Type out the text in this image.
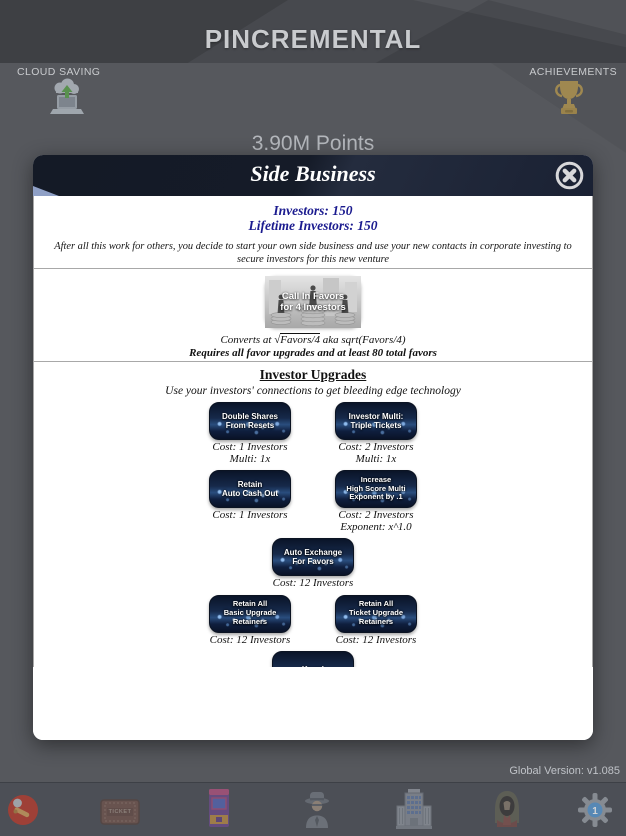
PINCREMENTAL
CLOUD SAVING	ACHIEVEMENTS
3.90M Points
Side Business
Investors: 150
Lifetime Investors: 150
After all this work for others, you decide to start your own side business and use your new contacts in corporate investing to secure investors for this new venture
Call In Favors
for 4 Investors
Converts at √Favors/4 aka sqrt(Favors/4)
Requires all favor upgrades and at least 80 total favors
Investor Upgrades
Use your investors' connections to get bleeding edge technology
Double Shares
From Resets
Cost: 1 Investors
Multi: 1x
Investor Multi:
Triple Tickets
Cost: 2 Investors
Multi: 1x
Retain
Auto Cash Out
Cost: 1 Investors
Increase
High Score Multi
Exponent by .1
Cost: 2 Investors
Exponent: x^1.0
Auto Exchange
For Favors
Cost: 12 Investors
Retain All
Basic Upgrade
Retainers
Cost: 12 Investors
Retain All
Ticket Upgrade
Retainers
Cost: 12 Investors
Global Version: v1.085
TICKET	1
